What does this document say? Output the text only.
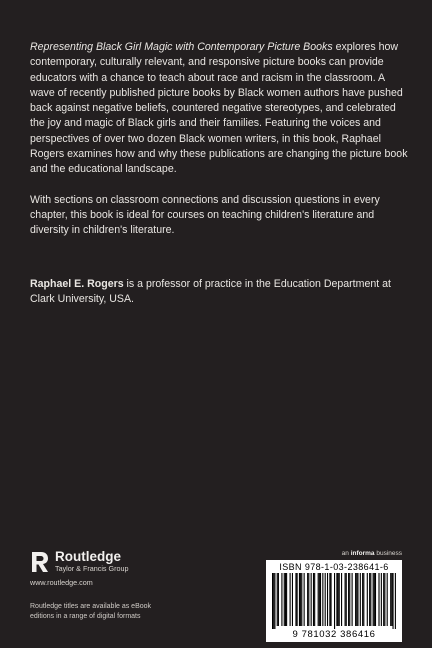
Representing Black Girl Magic with Contemporary Picture Books explores how contemporary, culturally relevant, and responsive picture books can provide educators with a chance to teach about race and racism in the classroom. A wave of recently published picture books by Black women authors have pushed back against negative beliefs, countered negative stereotypes, and celebrated the joy and magic of Black girls and their families. Featuring the voices and perspectives of over two dozen Black women writers, in this book, Raphael Rogers examines how and why these publications are changing the picture book and the educational landscape.

With sections on classroom connections and discussion questions in every chapter, this book is ideal for courses on teaching children's literature and diversity in children's literature.

Raphael E. Rogers is a professor of practice in the Education Department at Clark University, USA.
Routledge
Taylor & Francis Group
www.routledge.com
Routledge titles are available as eBook editions in a range of digital formats
an informa business
ISBN 978-1-03-238641-6
9 781032 386416
